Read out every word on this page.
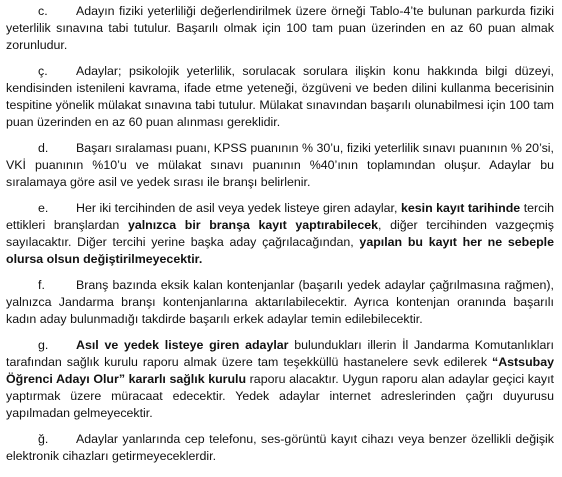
c. Adayın fiziki yeterliliği değerlendirilmek üzere örneği Tablo-4’te bulunan parkurda fiziki yeterlilik sınavına tabi tutulur. Başarılı olmak için 100 tam puan üzerinden en az 60 puan almak zorunludur.

ç. Adaylar; psikolojik yeterlilik, sorulacak sorulara ilişkin konu hakkında bilgi düzeyi, kendisinden istenileni kavrama, ifade etme yeteneği, özgüveni ve beden dilini kullanma becerisinin tespitine yönelik mülakat sınavına tabi tutulur. Mülakat sınavından başarılı olunabilmesi için 100 tam puan üzerinden en az 60 puan alınması gereklidir.

d. Başarı sıralaması puanı, KPSS puanının % 30’u, fiziki yeterlilik sınavı puanının % 20’si, VKİ puanının %10’u ve mülakat sınavı puanının %40’ının toplamından oluşur. Adaylar bu sıralamaya göre asil ve yedek sırası ile branşı belirlenir.

e. Her iki tercihinden de asil veya yedek listeye giren adaylar, kesin kayıt tarihinde tercih ettikleri branşlardan yalnızca bir branşa kayıt yaptırabilecek, diğer tercihinden vazgeçmiş sayılacaktır. Diğer tercihi yerine başka aday çağrılacağından, yapılan bu kayıt her ne sebeple olursa olsun değiştirilmeyecektir.

f.	Branş bazında eksik kalan kontenjanlar (başarılı yedek adaylar çağrılmasına rağmen), yalnızca Jandarma branşı kontenjanlarına aktarılabilecektir. Ayrıca kontenjan oranında başarılı kadın aday bulunmadığı takdirde başarılı erkek adaylar temin edilebilecektir.

g. Asıl ve yedek listeye giren adaylar bulundukları illerin İl Jandarma Komutanlıkları tarafından sağlık kurulu raporu almak üzere tam teşekküllü hastanelere sevk edilerek “Astsubay Öğrenci Adayı Olur” kararlı sağlık kurulu raporu alacaktır. Uygun raporu alan adaylar geçici kayıt yaptırmak üzere müracaat edecektir. Yedek adaylar internet adreslerinden çağrı duyurusu yapılmadan gelmeyecektir.

ğ. Adaylar yanlarında cep telefonu, ses-görüntü kayıt cihazı veya benzer özellikli değişik elektronik cihazları getirmeyeceklerdir.
